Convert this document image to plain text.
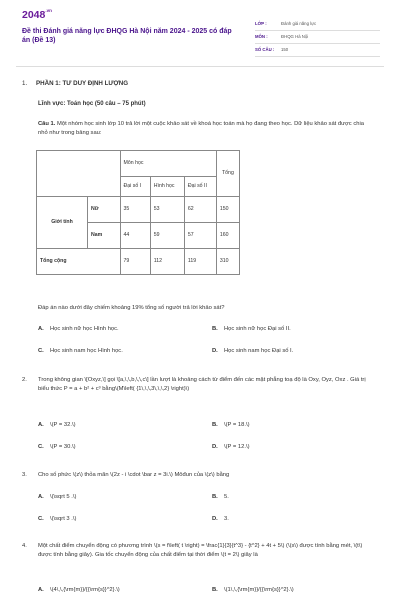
$2048^{.vn}$
Đề thi Đánh giá năng lực ĐHQG Hà Nội năm 2024 - 2025 có đáp án (Đề 13)
LỚP :	Đánh giá năng lực
MÔN :	ĐHQG Hà Nội
SỐ CÂU :	150
1. PHẦN 1: TƯ DUY ĐỊNH LƯỢNG
Lĩnh vực: Toán học (50 câu – 75 phút)
Câu 1. Một nhóm học sinh lớp 10 trả lời một cuộc khảo sát về khoá học toán mà họ đang theo học. Dữ liệu khảo sát được chia nhỏ như trong bảng sau:
		Môn học			Tổng
		Đại số I	Hình học	Đại số II	
Giới tính	Nữ	35	53	62	150
	Nam	44	59	57	160
Tổng cộng		79	112	119	310
Đáp án nào dưới đây chiếm khoảng 19% tổng số người trả lời khảo sát?
A. Học sinh nữ học Hình học.	B. Học sinh nữ học Đại số II.
C. Học sinh nam học Hình học.	D. Học sinh nam học Đại số I.
2. Trong không gian \[Oxyz,\] gọi \[a,\,\,b,\,\,c\] lần lượt là khoảng cách từ điểm đến các mặt phẳng toạ độ là Oxy, Oyz, Oxz . Giá trị biểu thức P = a + b² + c³ bằng\(M\left( {1\,\,\,3\,\,\,2} \right)\)
A. \(P = 32.\)	B. \(P = 18.\)
C. \(P = 30.\)	D. \(P = 12.\)
3. Cho số phức \(z\) thỏa mãn \(2z - i \cdot \bar z = 3i.\) Môđun của \(z\) bằng
A. \(\sqrt 5 .\)	B. 5.
C. \(\sqrt 3 .\)	D. 3.
4. Một chất điểm chuyển động có phương trình \(s = f\left( t \right) = \frac{1}{3}{t^3} - {t^2} + 4t + 5\) (\(s\) được tính bằng mét, \(t\) được tính bằng giây). Gia tốc chuyển động của chất điểm tại thời điểm \(t = 2\) giây là
A. \(4\,\,{\rm{m}}/{{\rm{s}}^2}.\)	B. \(1\,\,{\rm{m}}/{{\rm{s}}^2}.\)
